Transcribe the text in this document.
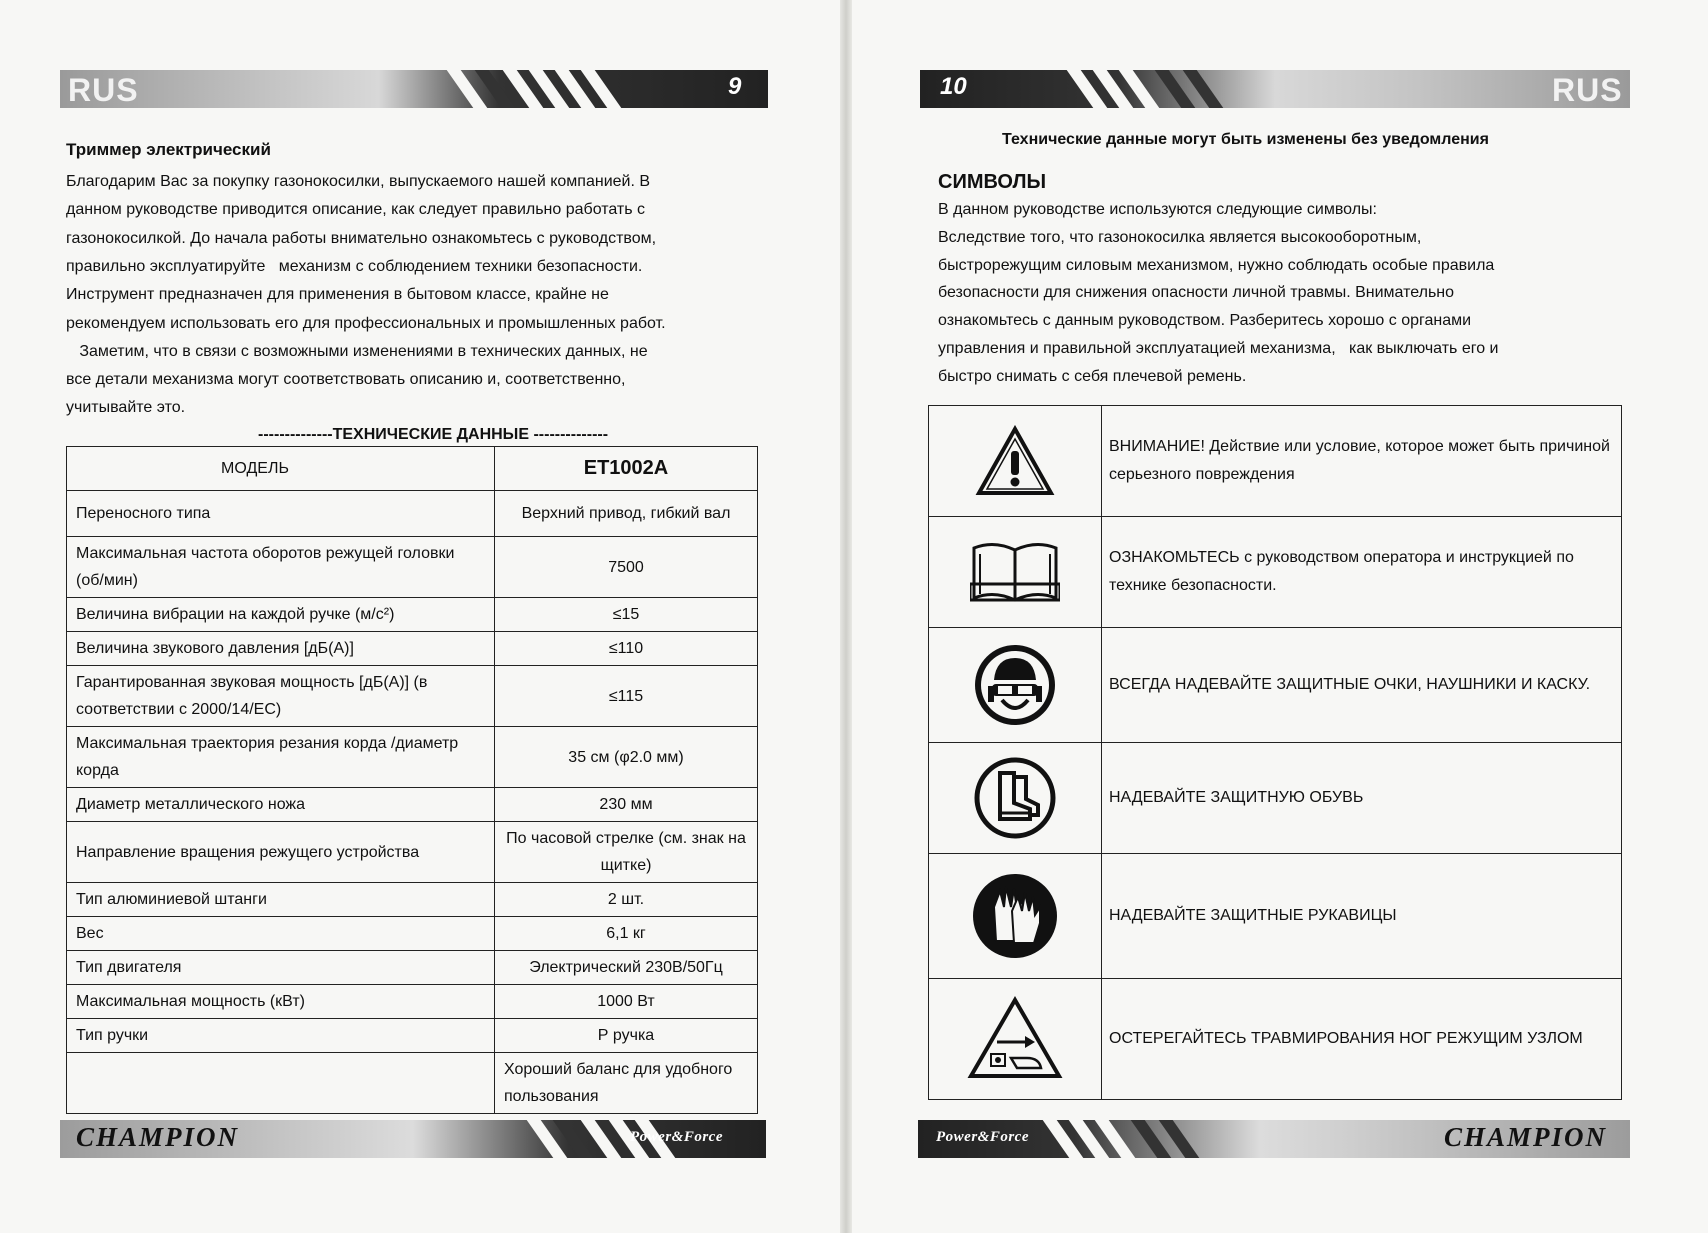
RUS	9
Триммер электрический
Благодарим Вас за покупку газонокосилки, выпускаемого нашей компанией. В
данном руководстве приводится описание, как следует правильно работать с
газонокосилкой. До начала работы внимательно ознакомьтесь с руководством,
правильно эксплуатируйте   механизм с соблюдением техники безопасности.
Инструмент предназначен для применения в бытовом классе, крайне не
рекомендуем использовать его для профессиональных и промышленных работ.
Заметим, что в связи с возможными изменениями в технических данных, не
все детали механизма могут соответствовать описанию и, соответственно,
учитывайте это.
--------------ТЕХНИЧЕСКИЕ ДАННЫЕ --------------
МОДЕЛЬ	ET1002A
Переносного типа	Верхний привод, гибкий вал
Максимальная частота оборотов режущей головки (об/мин)	7500
Величина вибрации на каждой ручке (м/с²)	≤15
Величина звукового давления [дБ(А)]	≤110
Гарантированная звуковая мощность [дБ(А)] (в соответствии с 2000/14/ЕС)	≤115
Максимальная траектория резания корда /диаметр корда	35 см (φ2.0 мм)
Диаметр металлического ножа	230 мм
Направление вращения режущего устройства	По часовой стрелке (см. знак на щитке)
Тип алюминиевой штанги	2 шт.
Вес	6,1 кг
Тип двигателя	Электрический 230В/50Гц
Максимальная мощность (кВт)	1000 Вт
Тип ручки	Р ручка
	Хороший баланс для удобного пользования
CHAMPION	Power&Force
10	RUS
Технические данные могут быть изменены без уведомления
СИМВОЛЫ
В данном руководстве используются следующие символы:
Вследствие того, что газонокосилка является высокооборотным,
быстрорежущим силовым механизмом, нужно соблюдать особые правила
безопасности для снижения опасности личной травмы. Внимательно
ознакомьтесь с данным руководством. Разберитесь хорошо с органами
управления и правильной эксплуатацией механизма,   как выключать его и
быстро снимать с себя плечевой ремень.
ВНИМАНИЕ! Действие или условие, которое может быть причиной серьезного повреждения
ОЗНАКОМЬТЕСЬ с руководством оператора и инструкцией по технике безопасности.
ВСЕГДА НАДЕВАЙТЕ ЗАЩИТНЫЕ ОЧКИ, НАУШНИКИ И КАСКУ.
НАДЕВАЙТЕ ЗАЩИТНУЮ ОБУВЬ
НАДЕВАЙТЕ ЗАЩИТНЫЕ РУКАВИЦЫ
ОСТЕРЕГАЙТЕСЬ ТРАВМИРОВАНИЯ НОГ РЕЖУЩИМ УЗЛОМ
Power&Force	CHAMPION
